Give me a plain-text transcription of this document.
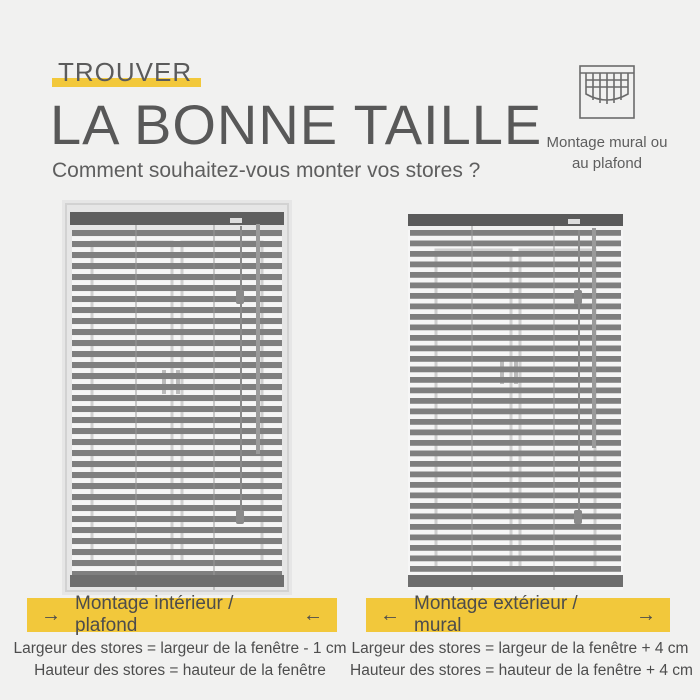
TROUVER
LA BONNE TAILLE
Comment souhaitez-vous monter vos stores ?
Montage mural ou
au plafond
→ Montage intérieur / plafond	←	← Montage extérieur / mural	→
Largeur des stores = largeur de la fenêtre - 1 cm
Hauteur des stores = hauteur de la fenêtre
Largeur des stores = largeur de la fenêtre + 4 cm
Hauteur des stores = hauteur de la fenêtre + 4 cm
